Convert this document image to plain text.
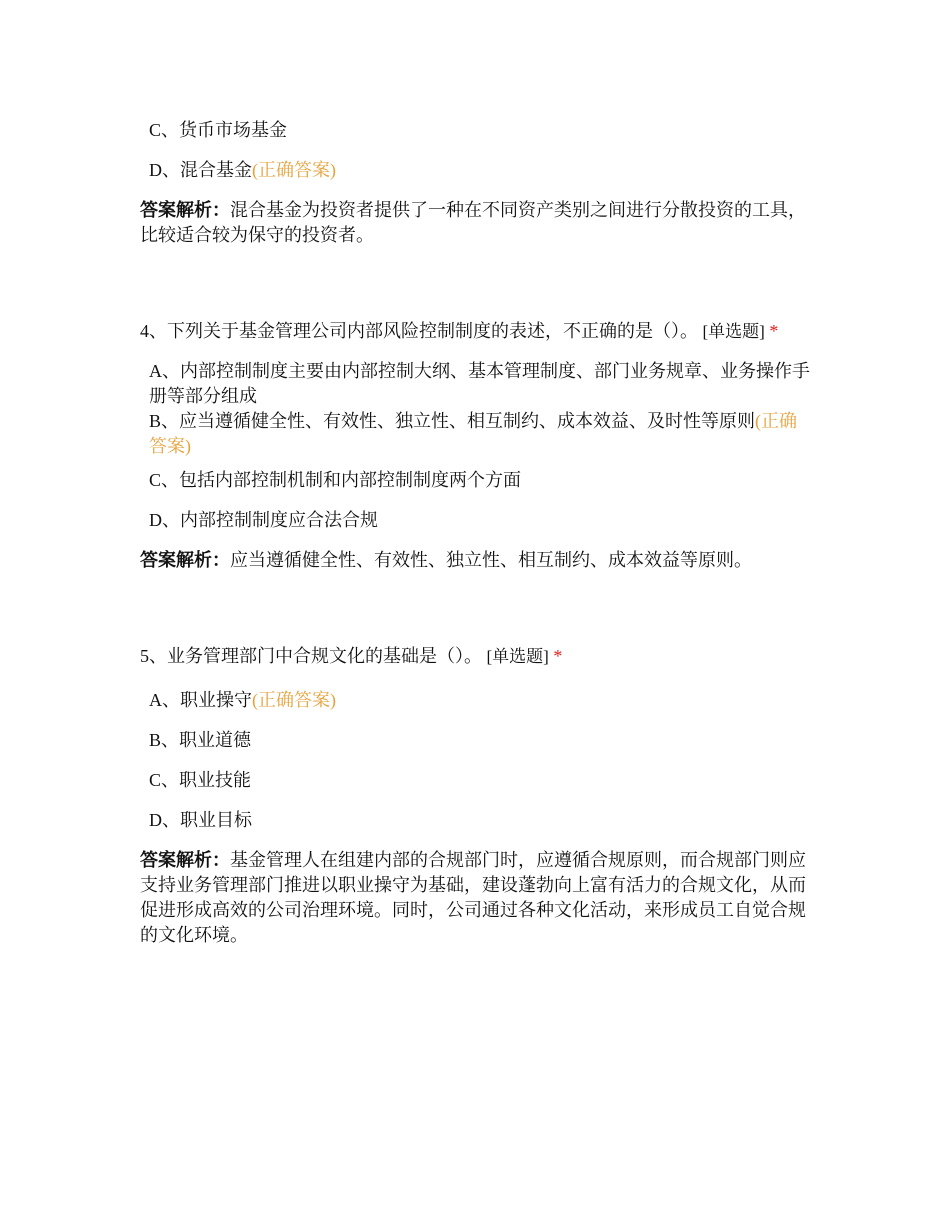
C、货币市场基金
D、混合基金(正确答案)
答案解析：混合基金为投资者提供了一种在不同资产类别之间进行分散投资的工具，比较适合较为保守的投资者。
4、下列关于基金管理公司内部风险控制制度的表述，不正确的是（）。 [单选题] *
A、内部控制制度主要由内部控制大纲、基本管理制度、部门业务规章、业务操作手册等部分组成
B、应当遵循健全性、有效性、独立性、相互制约、成本效益、及时性等原则(正确答案)
C、包括内部控制机制和内部控制制度两个方面
D、内部控制制度应合法合规
答案解析：应当遵循健全性、有效性、独立性、相互制约、成本效益等原则。
5、业务管理部门中合规文化的基础是（）。 [单选题] *
A、职业操守(正确答案)
B、职业道德
C、职业技能
D、职业目标
答案解析：基金管理人在组建内部的合规部门时，应遵循合规原则，而合规部门则应支持业务管理部门推进以职业操守为基础，建设蓬勃向上富有活力的合规文化，从而促进形成高效的公司治理环境。同时，公司通过各种文化活动，来形成员工自觉合规的文化环境。
